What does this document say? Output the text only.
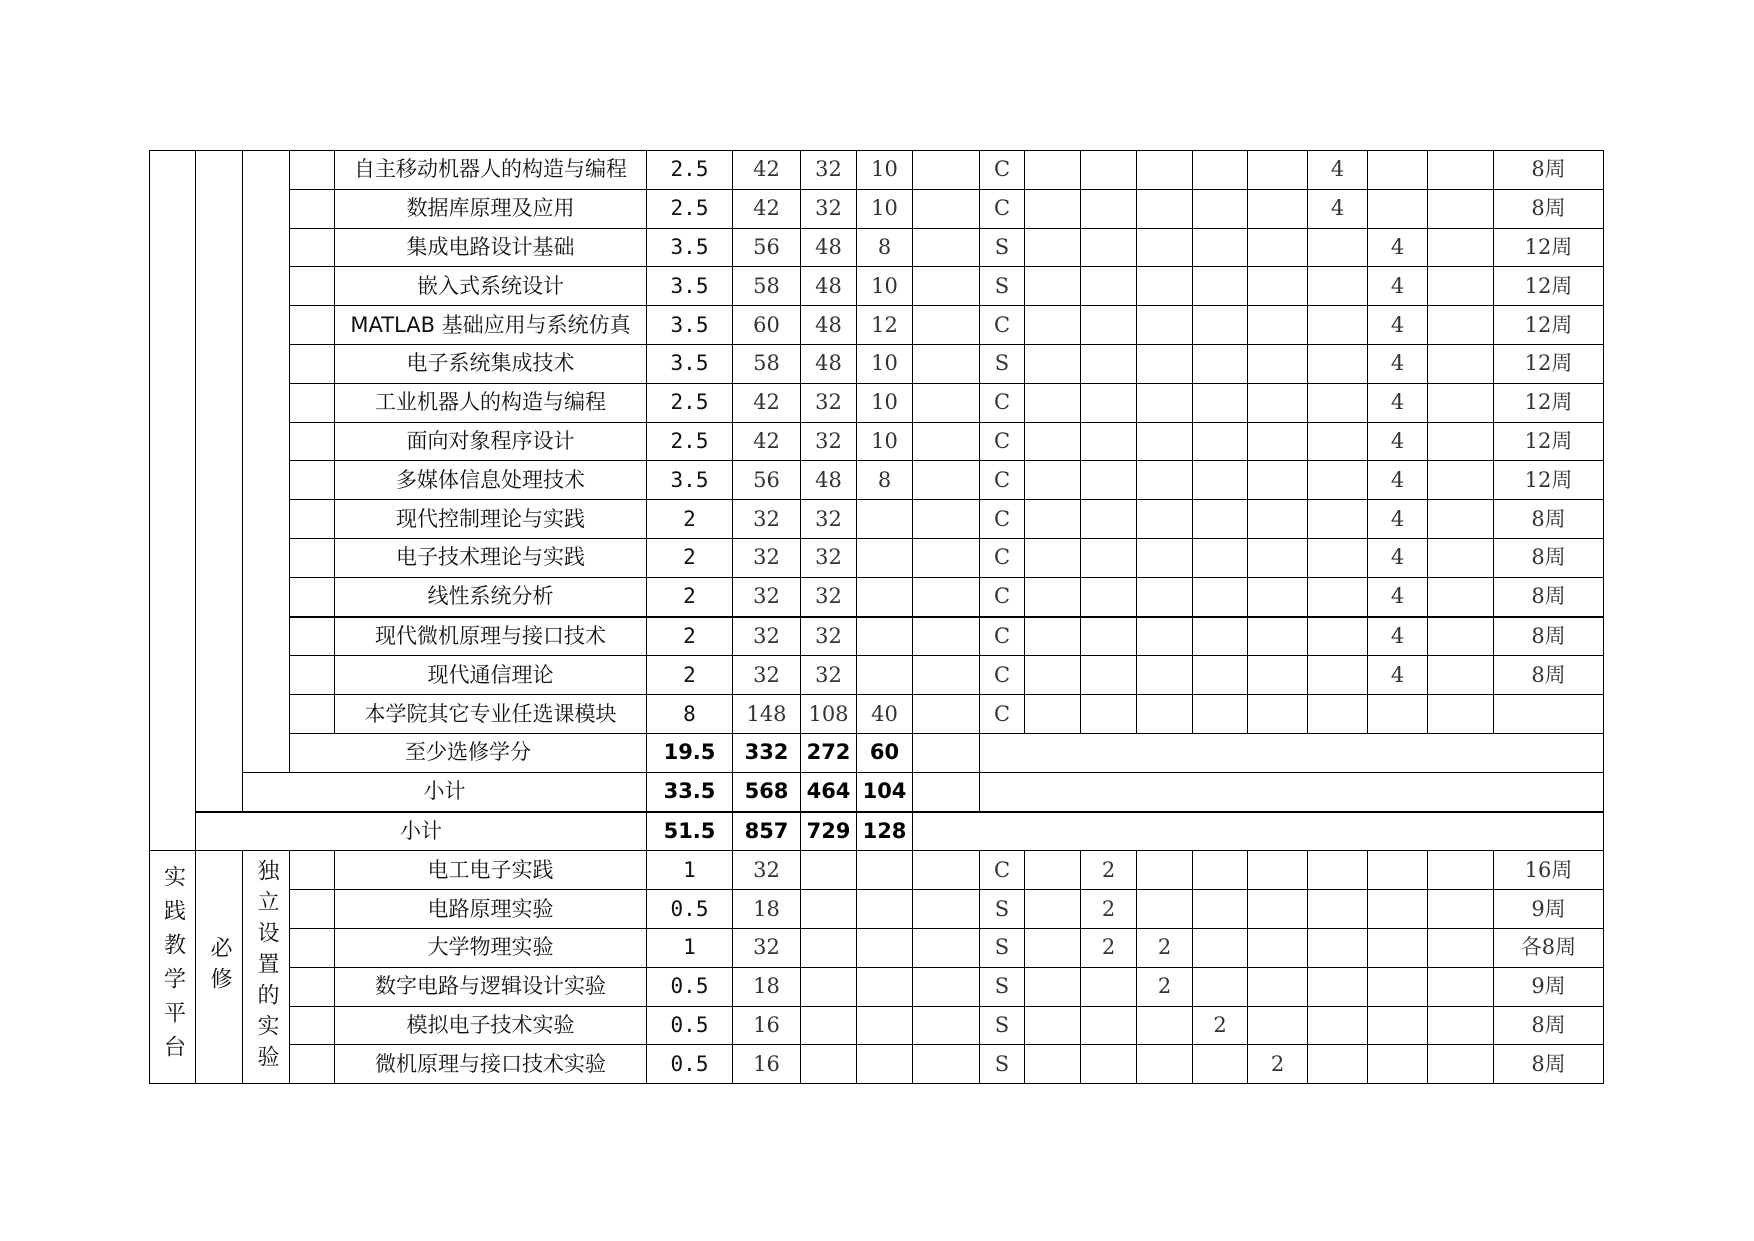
				自主移动机器人的构造与编程	2.5	42	32	10		C						4			8周
				数据库原理及应用	2.5	42	32	10		C						4			8周
				集成电路设计基础	3.5	56	48	8		S							4		12周
				嵌入式系统设计	3.5	58	48	10		S							4		12周
				MATLAB 基础应用与系统仿真	3.5	60	48	12		C							4		12周
				电子系统集成技术	3.5	58	48	10		S							4		12周
				工业机器人的构造与编程	2.5	42	32	10		C							4		12周
				面向对象程序设计	2.5	42	32	10		C							4		12周
				多媒体信息处理技术	3.5	56	48	8		C							4		12周
				现代控制理论与实践	2	32	32			C							4		8周
				电子技术理论与实践	2	32	32			C							4		8周
				线性系统分析	2	32	32			C							4		8周
				现代微机原理与接口技术	2	32	32			C							4		8周
				现代通信理论	2	32	32			C							4		8周
				本学院其它专业任选课模块	8	148	108	40		C									
			至少选修学分		19.5	332	272	60											
		小计			33.5	568	464	104											
	小计				51.5	857	729	128											

实践教学平台	必修	独立设置的实验		电工电子实践	1	32				C		2							16周
				电路原理实验	0.5	18				S		2							9周
				大学物理实验	1	32				S		2	2						各8周
				数字电路与逻辑设计实验	0.5	18				S			2						9周
				模拟电子技术实验	0.5	16				S				2					8周
				微机原理与接口技术实验	0.5	16				S					2				8周
